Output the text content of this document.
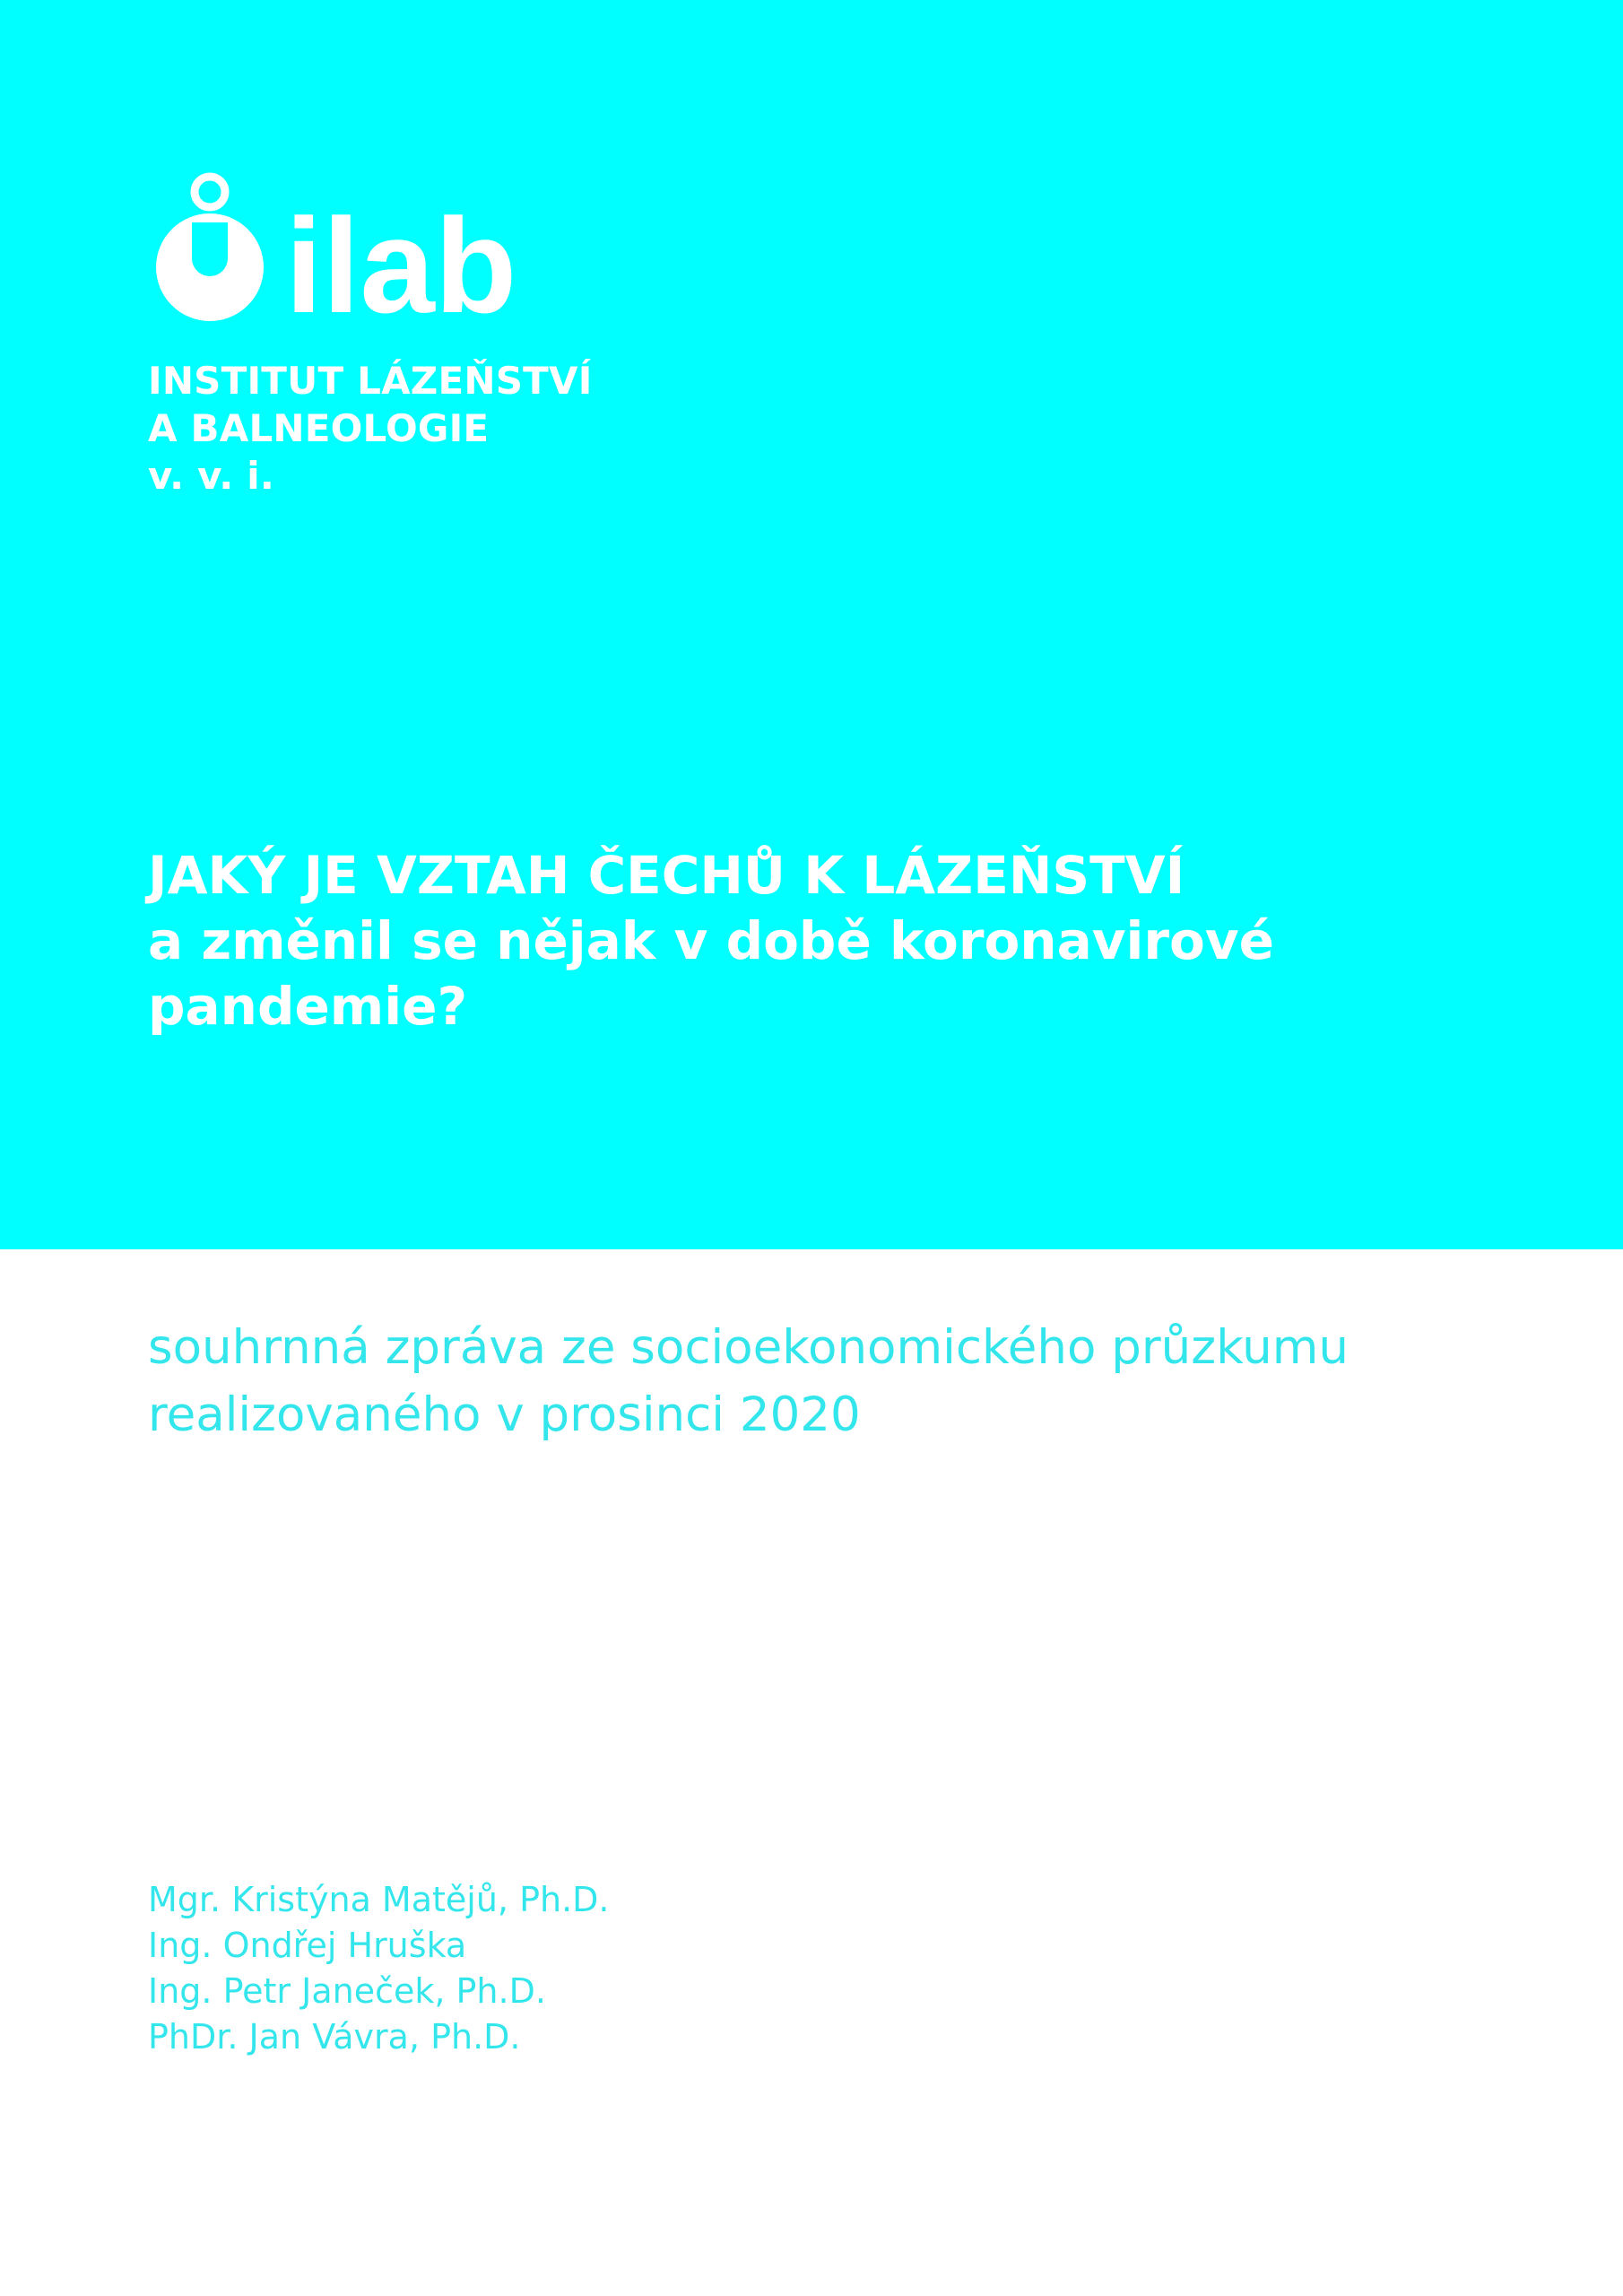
ilab
INSTITUT LÁZEŇSTVÍ
A BALNEOLOGIE
v. v. i.
JAKÝ JE VZTAH ČECHŮ K LÁZEŇSTVÍ
a změnil se nějak v době koronavirové
pandemie?
souhrnná zpráva ze socioekonomického průzkumu
realizovaného v prosinci 2020
Mgr. Kristýna Matějů, Ph.D.
Ing. Ondřej Hruška
Ing. Petr Janeček, Ph.D.
PhDr. Jan Vávra, Ph.D.
